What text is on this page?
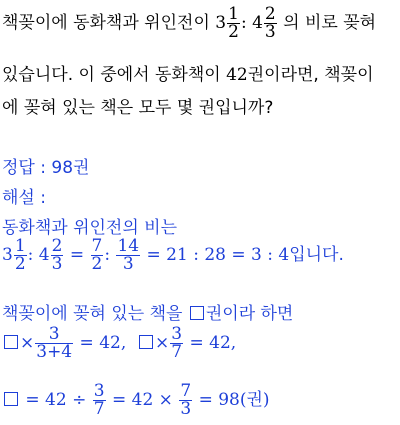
책꽂이에 동화책과 위인전이 $3 \frac{1}{2}$ : $4 \frac{2}{3}$ 의 비로 꽂혀
있습니다. 이 중에서 동화책이 42권이라면, 책꽂이
에 꽂혀 있는 책은 모두 몇 권입니까?
정답 : 98권
해설 :
동화책과 위인전의 비는
$3 \frac{1}{2}$ : $4 \frac{2}{3} = \frac{7}{2}$ : $\frac{14}{3} = 21$ : 28 = 3 : 4입니다.
책꽂이에 꽂혀 있는 책을 권이라 하면
× $\frac{3}{3+4} = 42$, × $\frac{3}{7} = 42$,
= $42 \div \frac{3}{7} = 42 \times \frac{7}{3} = 98$(권)
